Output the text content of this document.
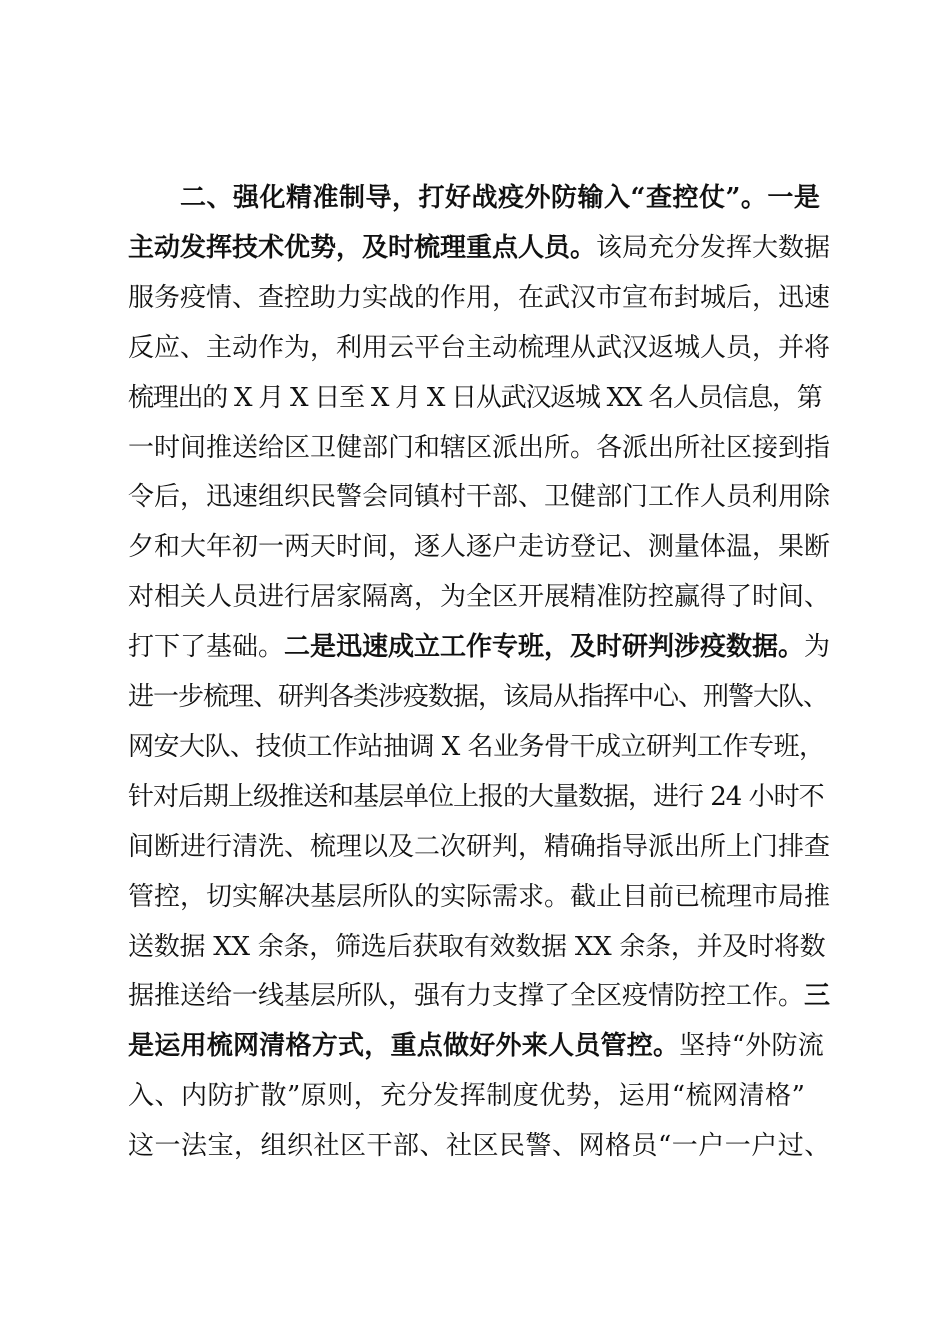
二、强化精准制导，打好战疫外防输入“查控仗”。一是
主动发挥技术优势，及时梳理重点人员。该局充分发挥大数据
服务疫情、查控助力实战的作用，在武汉市宣布封城后，迅速
反应、主动作为，利用云平台主动梳理从武汉返城人员，并将
梳理出的 X 月 X 日至 X 月 X 日从武汉返城 XX 名人员信息，第
一时间推送给区卫健部门和辖区派出所。各派出所社区接到指
令后，迅速组织民警会同镇村干部、卫健部门工作人员利用除
夕和大年初一两天时间，逐人逐户走访登记、测量体温，果断
对相关人员进行居家隔离，为全区开展精准防控赢得了时间、
打下了基础。二是迅速成立工作专班，及时研判涉疫数据。为
进一步梳理、研判各类涉疫数据，该局从指挥中心、刑警大队、
网安大队、技侦工作站抽调 X 名业务骨干成立研判工作专班，
针对后期上级推送和基层单位上报的大量数据，进行 24 小时不
间断进行清洗、梳理以及二次研判，精确指导派出所上门排查
管控，切实解决基层所队的实际需求。截止目前已梳理市局推
送数据 XX 余条，筛选后获取有效数据 XX 余条，并及时将数
据推送给一线基层所队，强有力支撑了全区疫情防控工作。三
是运用梳网清格方式，重点做好外来人员管控。坚持“外防流
入、内防扩散”原则，充分发挥制度优势，运用“梳网清格”
这一法宝，组织社区干部、社区民警、网格员“一户一户过、
